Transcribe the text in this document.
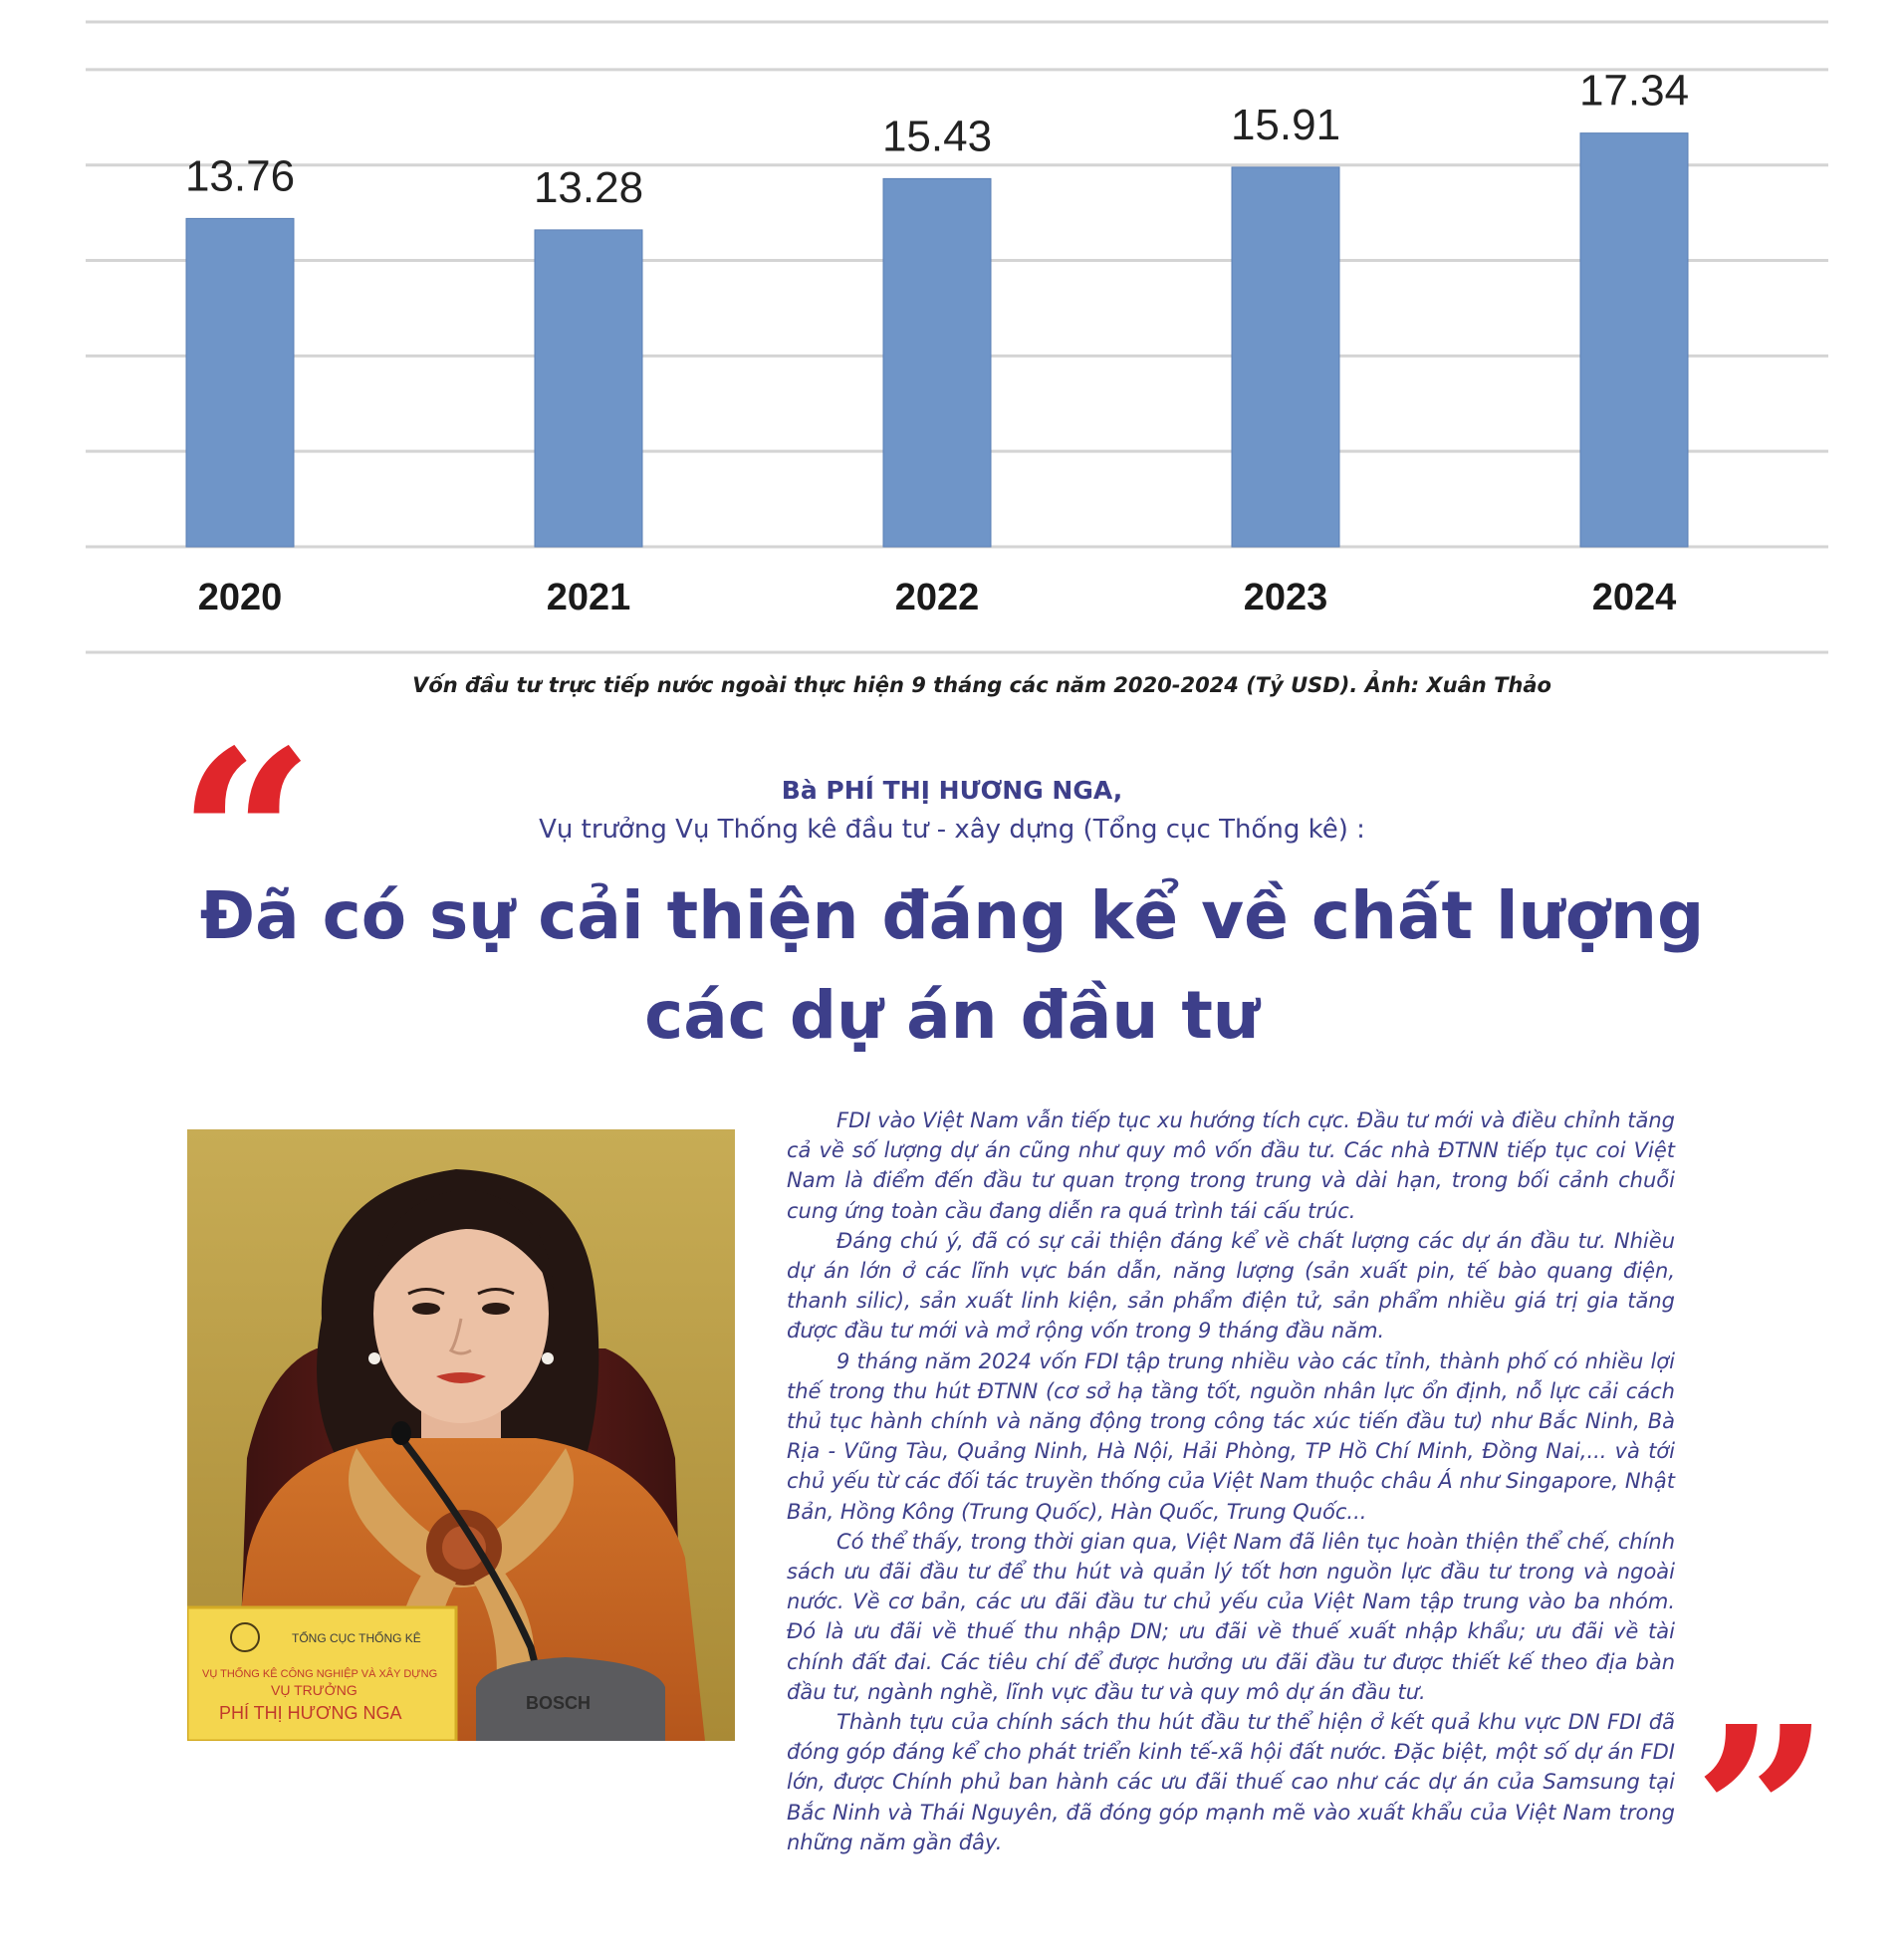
13.76	13.28
15.43	15.91
17.34
2020	2021	2022	2023	2024
Vốn đầu tư trực tiếp nước ngoài thực hiện 9 tháng các năm 2020-2024 (Tỷ USD). Ảnh: Xuân Thảo
“	Bà PHÍ THỊ HƯƠNG NGA,
Vụ trưởng Vụ Thống kê đầu tư - xây dựng (Tổng cục Thống kê) :
Đã có sự cải thiện đáng kể về chất lượng
các dự án đầu tư
BOSCH
TỔNG CỤC THỐNG KÊ
VỤ THỐNG KÊ CÔNG NGHIỆP VÀ XÂY DỰNG
VỤ TRƯỞNG
PHÍ THỊ HƯƠNG NGA

FDI vào Việt Nam vẫn tiếp tục xu hướng tích cực. Đầu tư mới và điều chỉnh tăng cả về số lượng dự án cũng như quy mô vốn đầu tư. Các nhà ĐTNN tiếp tục coi Việt Nam là điểm đến đầu tư quan trọng trong trung và dài hạn, trong bối cảnh chuỗi cung ứng toàn cầu đang diễn ra quá trình tái cấu trúc.

Đáng chú ý, đã có sự cải thiện đáng kể về chất lượng các dự án đầu tư. Nhiều dự án lớn ở các lĩnh vực bán dẫn, năng lượng (sản xuất pin, tế bào quang điện, thanh silic), sản xuất linh kiện, sản phẩm điện tử, sản phẩm nhiều giá trị gia tăng được đầu tư mới và mở rộng vốn trong 9 tháng đầu năm.

9 tháng năm 2024 vốn FDI tập trung nhiều vào các tỉnh, thành phố có nhiều lợi thế trong thu hút ĐTNN (cơ sở hạ tầng tốt, nguồn nhân lực ổn định, nỗ lực cải cách thủ tục hành chính và năng động trong công tác xúc tiến đầu tư) như Bắc Ninh, Bà Rịa - Vũng Tàu, Quảng Ninh, Hà Nội, Hải Phòng, TP Hồ Chí Minh, Đồng Nai,... và tới chủ yếu từ các đối tác truyền thống của Việt Nam thuộc châu Á như Singapore, Nhật Bản, Hồng Kông (Trung Quốc), Hàn Quốc, Trung Quốc...

Có thể thấy, trong thời gian qua, Việt Nam đã liên tục hoàn thiện thể chế, chính sách ưu đãi đầu tư để thu hút và quản lý tốt hơn nguồn lực đầu tư trong và ngoài nước. Về cơ bản, các ưu đãi đầu tư chủ yếu của Việt Nam tập trung vào ba nhóm. Đó là ưu đãi về thuế thu nhập DN; ưu đãi về thuế xuất nhập khẩu; ưu đãi về tài chính đất đai. Các tiêu chí để được hưởng ưu đãi đầu tư được thiết kế theo địa bàn đầu tư, ngành nghề, lĩnh vực đầu tư và quy mô dự án đầu tư.

Thành tựu của chính sách thu hút đầu tư thể hiện ở kết quả khu vực DN FDI đã đóng góp đáng kể cho phát triển kinh tế-xã hội đất nước. Đặc biệt, một số dự án FDI lớn, được Chính phủ ban hành các ưu đãi thuế cao như các dự án của Samsung tại Bắc Ninh và Thái Nguyên, đã đóng góp mạnh mẽ vào xuất khẩu của Việt Nam trong những năm gần đây.	”
